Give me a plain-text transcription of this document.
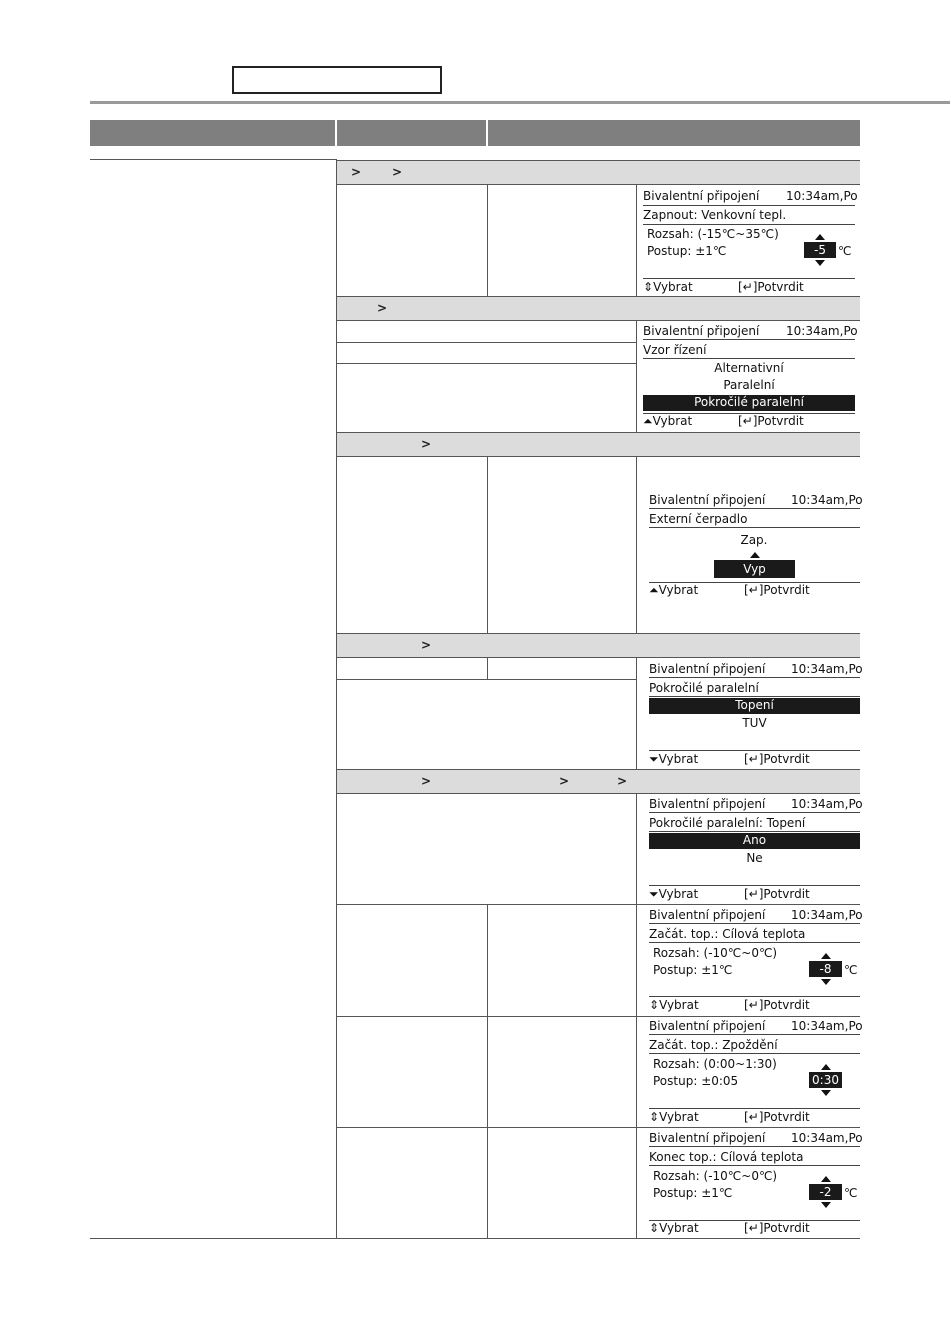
>	>
>
>
>
>	>	>
Bivalentní připojení 10:34am,Po
Zapnout: Venkovní tepl.
Rozsah: (-15℃~35℃)
Postup: ±1℃	-5	℃
⇕Vybrat	[↵]Potvrdit
Bivalentní připojení 10:34am,Po
Vzor řízení
Alternativní
Paralelní
Pokročilé paralelní
⏶Vybrat	[↵]Potvrdit
Bivalentní připojení 10:34am,Po
Externí čerpadlo
Zap.
Vyp
⏶Vybrat	[↵]Potvrdit
Bivalentní připojení 10:34am,Po
Pokročilé paralelní
Topení
TUV
⏷Vybrat	[↵]Potvrdit
Bivalentní připojení 10:34am,Po
Pokročilé paralelní: Topení
Ano
Ne
⏷Vybrat	[↵]Potvrdit
Bivalentní připojení 10:34am,Po
Začát. top.: Cílová teplota
Rozsah: (-10℃~0℃)
Postup: ±1℃	-8	℃
⇕Vybrat	[↵]Potvrdit
Bivalentní připojení 10:34am,Po
Začát. top.: Zpoždění
Rozsah: (0:00~1:30)
Postup: ±0:05	0:30
⇕Vybrat	[↵]Potvrdit
Bivalentní připojení 10:34am,Po
Konec top.: Cílová teplota
Rozsah: (-10℃~0℃)
Postup: ±1℃	-2	℃
⇕Vybrat	[↵]Potvrdit
